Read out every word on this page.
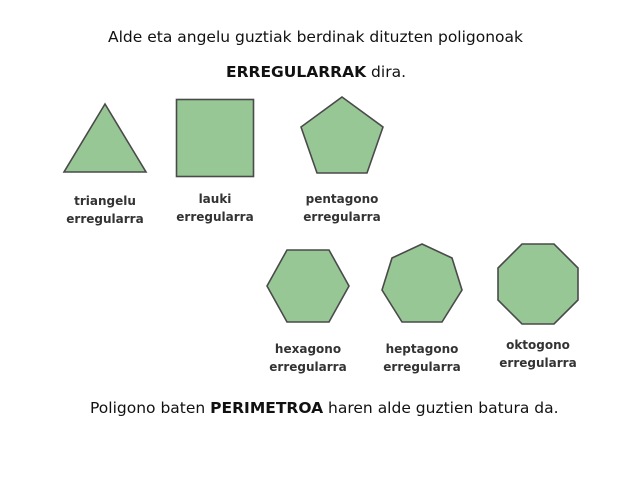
Alde eta angelu guztiak berdinak dituzten poligonoak
ERREGULARRAK dira.
triangelu
erregularra
lauki
erregularra
pentagono
erregularra
hexagono
erregularra
heptagono
erregularra
oktogono
erregularra
Poligono baten PERIMETROA haren alde guztien batura da.
